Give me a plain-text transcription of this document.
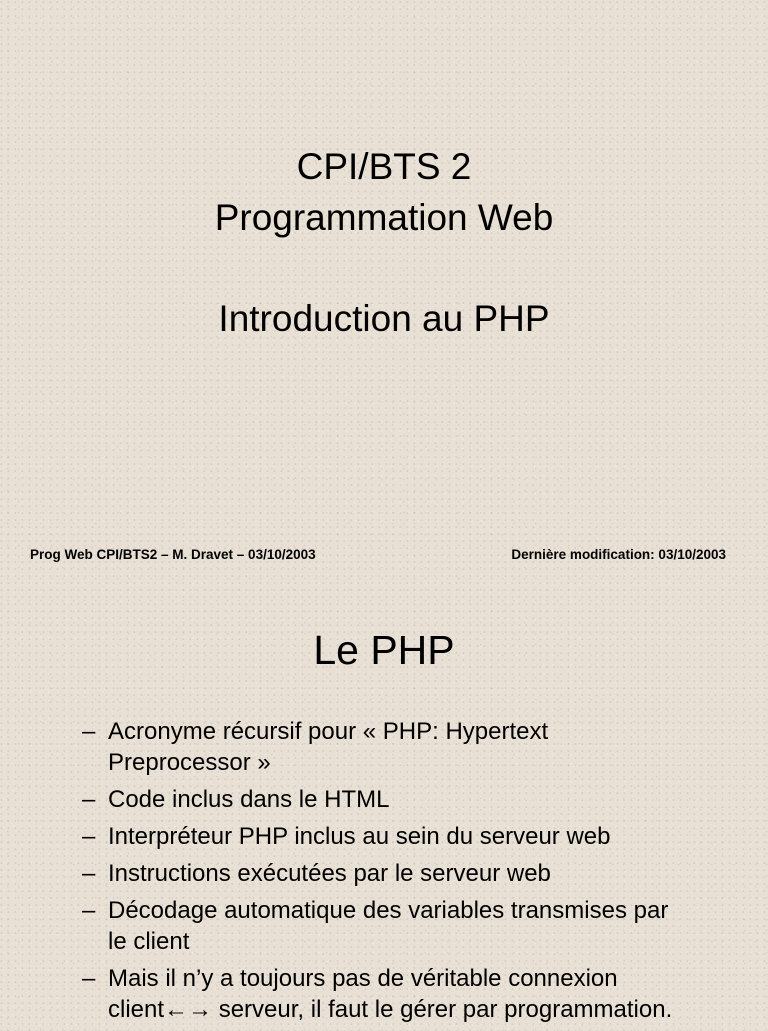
CPI/BTS 2
Programmation Web
Introduction au PHP
Prog Web CPI/BTS2 – M. Dravet – 03/10/2003	Dernière modification: 03/10/2003
Le PHP
– Acronyme récursif pour « PHP: Hypertext
Preprocessor »
– Code inclus dans le HTML
– Interpréteur PHP inclus au sein du serveur web
– Instructions exécutées par le serveur web
– Décodage automatique des variables transmises par
le client
– Mais il n’y a toujours pas de véritable connexion
client←→ serveur, il faut le gérer par programmation.
